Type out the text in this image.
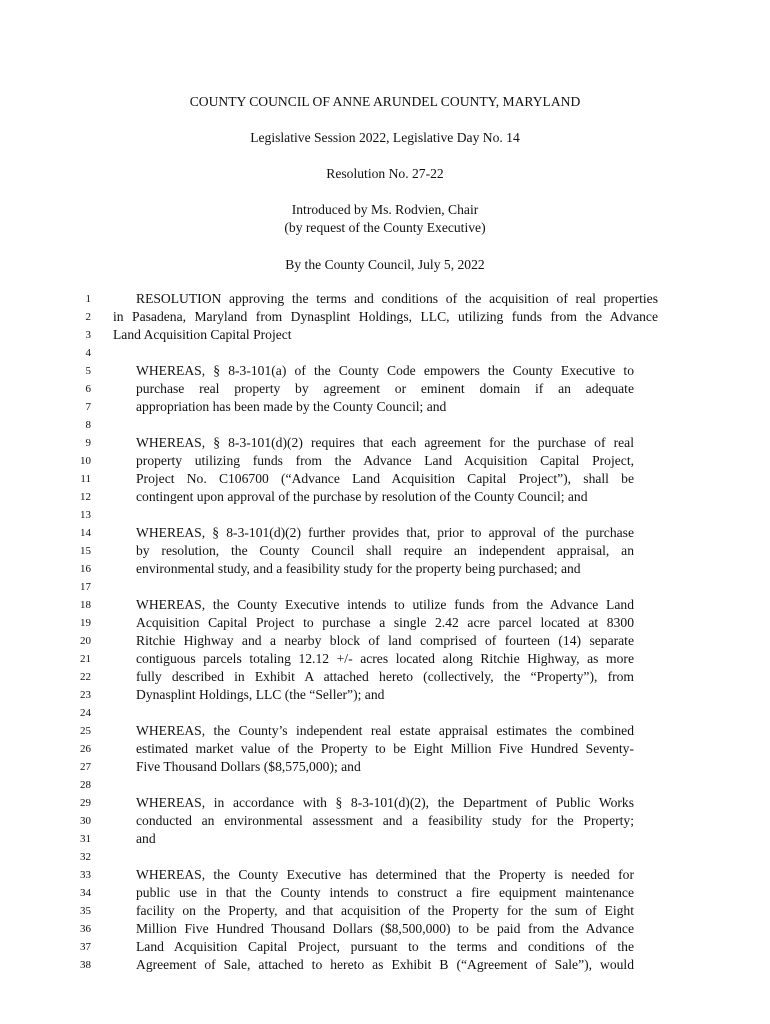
COUNTY COUNCIL OF ANNE ARUNDEL COUNTY, MARYLAND
Legislative Session 2022, Legislative Day No. 14
Resolution No. 27-22
Introduced by Ms. Rodvien, Chair
(by request of the County Executive)
By the County Council, July 5, 2022
1
2
3
4
5
6
7
8
9
10
11
12
13
14
15
16
17
18
19
20
21
22
23
24
25
26
27
28
29
30
31
32
33
34
35
36
37
38
RESOLUTION approving the terms and conditions of the acquisition of real properties
in Pasadena, Maryland from Dynasplint Holdings, LLC, utilizing funds from the Advance
Land Acquisition Capital Project
WHEREAS, § 8-3-101(a) of the County Code empowers the County Executive to
purchase real property by agreement or eminent domain if an adequate
appropriation has been made by the County Council; and
WHEREAS, § 8-3-101(d)(2) requires that each agreement for the purchase of real
property utilizing funds from the Advance Land Acquisition Capital Project,
Project No. C106700 (“Advance Land Acquisition Capital Project”), shall be
contingent upon approval of the purchase by resolution of the County Council; and
WHEREAS, § 8-3-101(d)(2) further provides that, prior to approval of the purchase
by resolution, the County Council shall require an independent appraisal, an
environmental study, and a feasibility study for the property being purchased; and
WHEREAS, the County Executive intends to utilize funds from the Advance Land
Acquisition Capital Project to purchase a single 2.42 acre parcel located at 8300
Ritchie Highway and a nearby block of land comprised of fourteen (14) separate
contiguous parcels totaling 12.12 +/- acres located along Ritchie Highway, as more
fully described in Exhibit A attached hereto (collectively, the “Property”), from
Dynasplint Holdings, LLC (the “Seller”); and
WHEREAS, the County’s independent real estate appraisal estimates the combined
estimated market value of the Property to be Eight Million Five Hundred Seventy-
Five Thousand Dollars ($8,575,000); and
WHEREAS, in accordance with § 8-3-101(d)(2), the Department of Public Works
conducted an environmental assessment and a feasibility study for the Property;
and
WHEREAS, the County Executive has determined that the Property is needed for
public use in that the County intends to construct a fire equipment maintenance
facility on the Property, and that acquisition of the Property for the sum of Eight
Million Five Hundred Thousand Dollars ($8,500,000) to be paid from the Advance
Land Acquisition Capital Project, pursuant to the terms and conditions of the
Agreement of Sale, attached to hereto as Exhibit B (“Agreement of Sale”), would
